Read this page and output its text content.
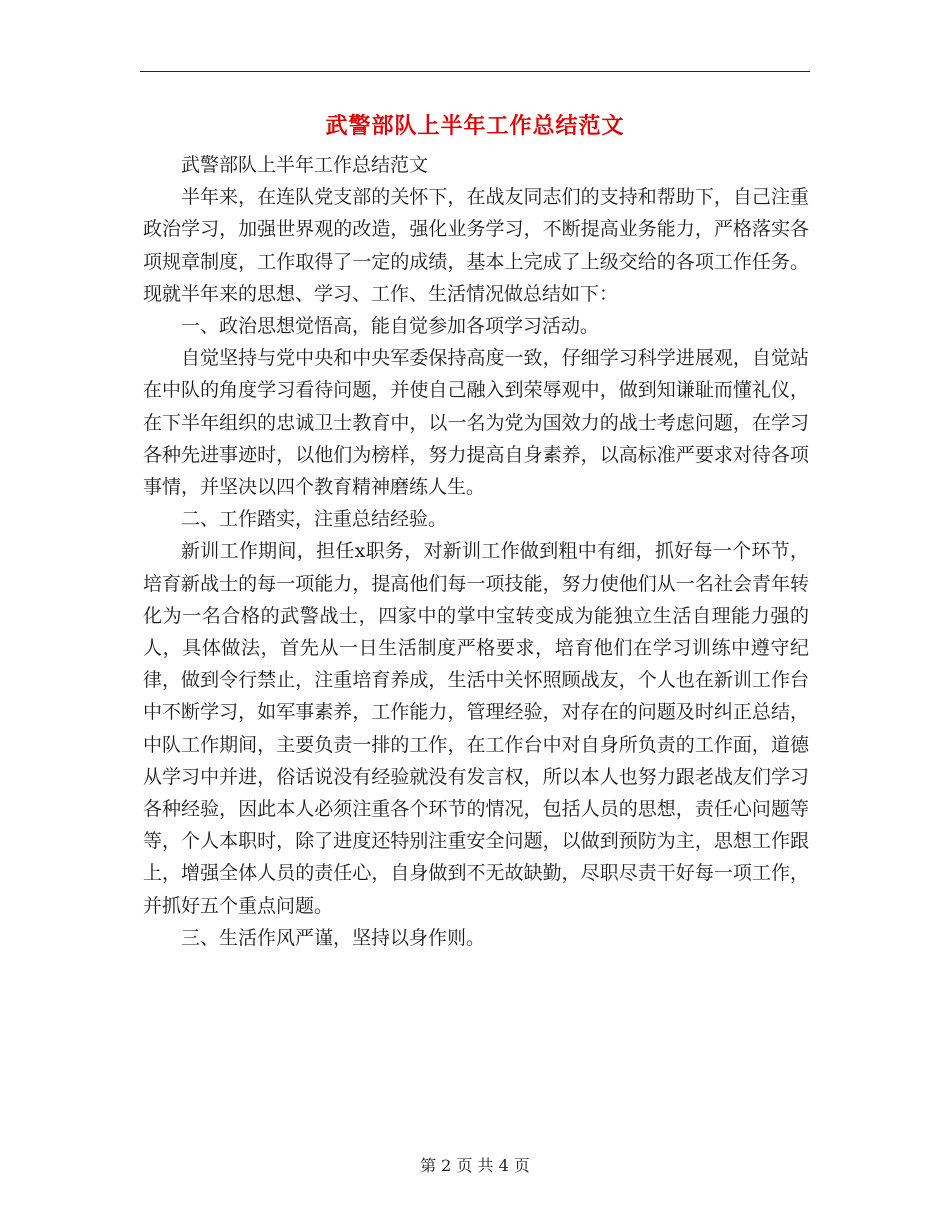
武警部队上半年工作总结范文

武警部队上半年工作总结范文

半年来，在连队党支部的关怀下，在战友同志们的支持和帮助下，自己注重政治学习，加强世界观的改造，强化业务学习，不断提高业务能力，严格落实各项规章制度，工作取得了一定的成绩，基本上完成了上级交给的各项工作任务。现就半年来的思想、学习、工作、生活情况做总结如下：

一、政治思想觉悟高，能自觉参加各项学习活动。

自觉坚持与党中央和中央军委保持高度一致，仔细学习科学进展观，自觉站在中队的角度学习看待问题，并使自己融入到荣辱观中，做到知谦耻而懂礼仪，在下半年组织的忠诚卫士教育中，以一名为党为国效力的战士考虑问题，在学习各种先进事迹时，以他们为榜样，努力提高自身素养，以高标准严要求对待各项事情，并坚决以四个教育精神磨练人生。

二、工作踏实，注重总结经验。

新训工作期间，担任x职务，对新训工作做到粗中有细，抓好每一个环节，培育新战士的每一项能力，提高他们每一项技能，努力使他们从一名社会青年转化为一名合格的武警战士，四家中的掌中宝转变成为能独立生活自理能力强的人，具体做法，首先从一日生活制度严格要求，培育他们在学习训练中遵守纪律，做到令行禁止，注重培育养成，生活中关怀照顾战友，个人也在新训工作台中不断学习，如军事素养，工作能力，管理经验，对存在的问题及时纠正总结，中队工作期间，主要负责一排的工作，在工作台中对自身所负责的工作面，道德从学习中并进，俗话说没有经验就没有发言权，所以本人也努力跟老战友们学习各种经验，因此本人必须注重各个环节的情况，包括人员的思想，责任心问题等等，个人本职时，除了进度还特别注重安全问题，以做到预防为主，思想工作跟上，增强全体人员的责任心，自身做到不无故缺勤，尽职尽责干好每一项工作，并抓好五个重点问题。

三、生活作风严谨，坚持以身作则。

第 2 页 共 4 页
